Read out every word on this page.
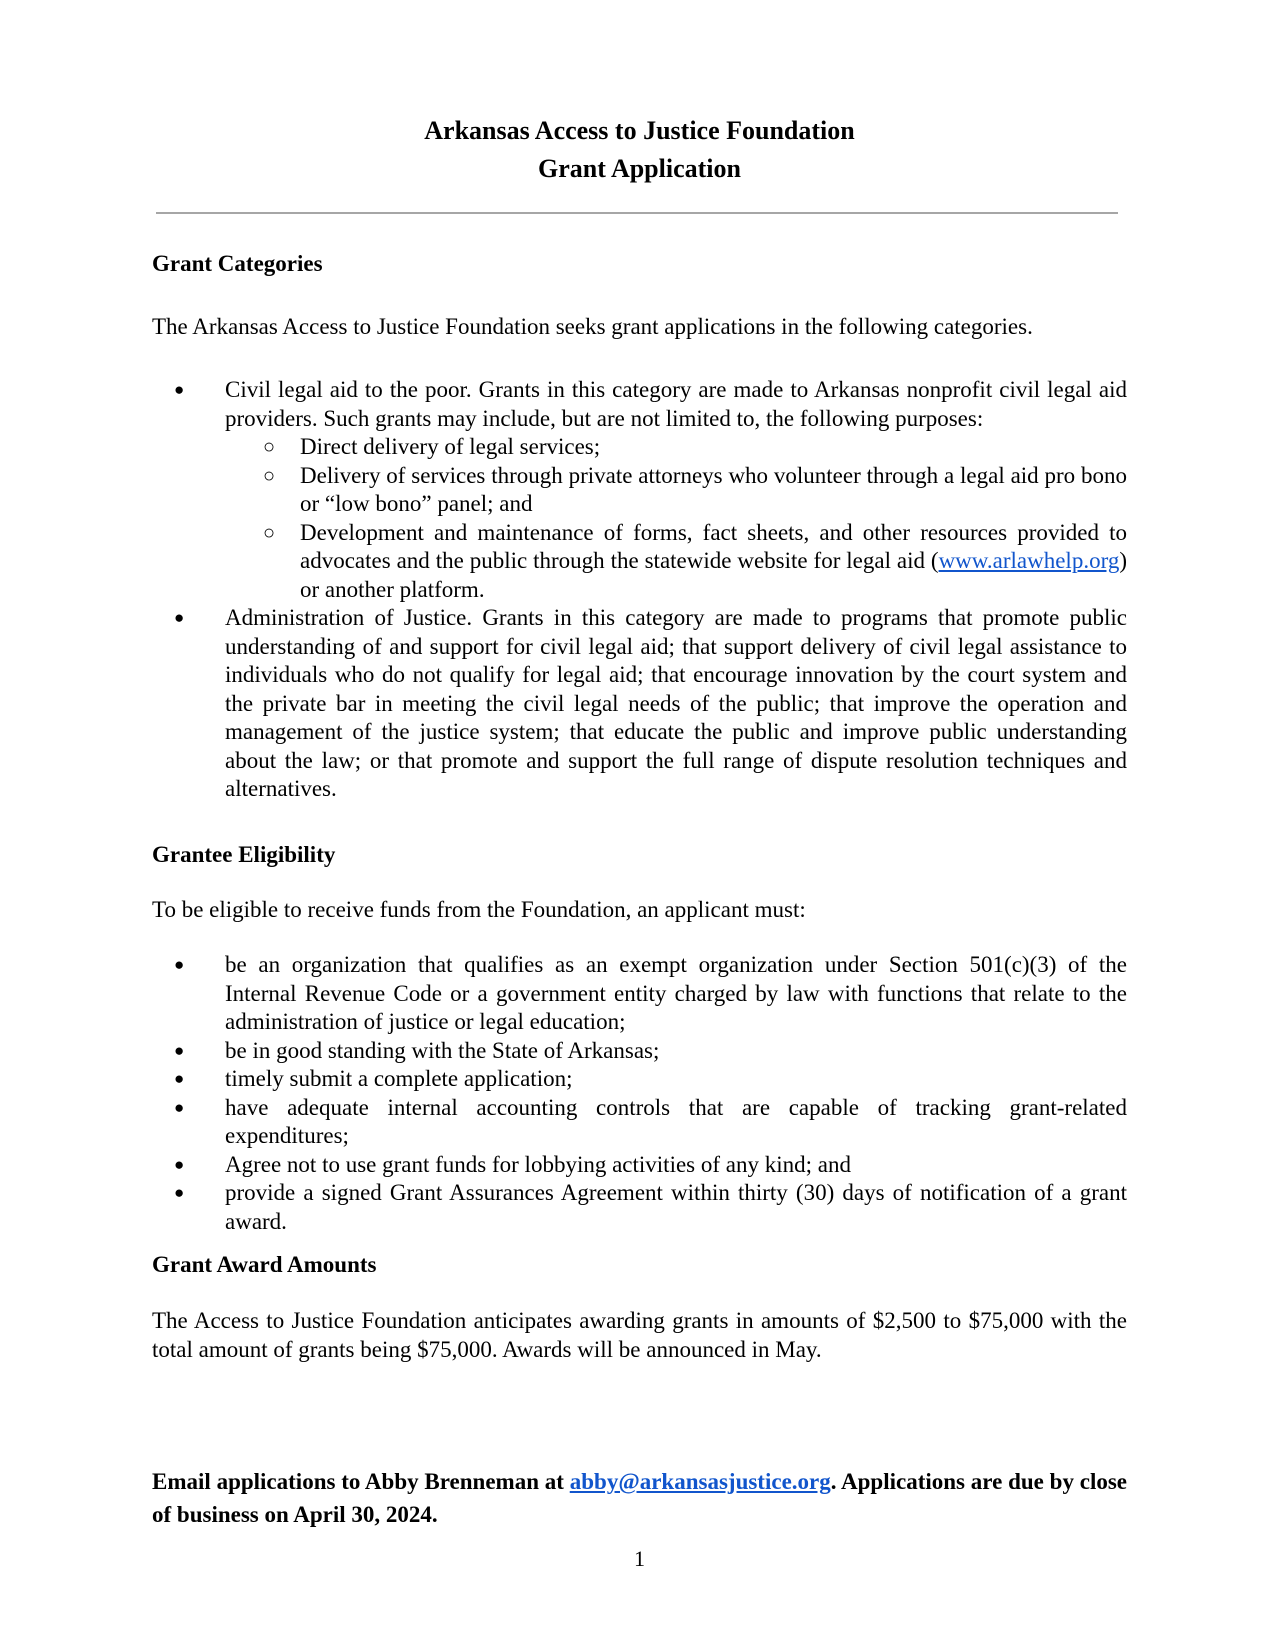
Arkansas Access to Justice Foundation
Grant Application
Grant Categories
The Arkansas Access to Justice Foundation seeks grant applications in the following categories.
● Civil legal aid to the poor. Grants in this category are made to Arkansas nonprofit civil legal aid providers. Such grants may include, but are not limited to, the following purposes:
○ Direct delivery of legal services;
○ Delivery of services through private attorneys who volunteer through a legal aid pro bono or “low bono” panel; and
○ Development and maintenance of forms, fact sheets, and other resources provided to advocates and the public through the statewide website for legal aid (www.arlawhelp.org) or another platform.
● Administration of Justice. Grants in this category are made to programs that promote public understanding of and support for civil legal aid; that support delivery of civil legal assistance to individuals who do not qualify for legal aid; that encourage innovation by the court system and the private bar in meeting the civil legal needs of the public; that improve the operation and management of the justice system; that educate the public and improve public understanding about the law; or that promote and support the full range of dispute resolution techniques and alternatives.
Grantee Eligibility
To be eligible to receive funds from the Foundation, an applicant must:
● be an organization that qualifies as an exempt organization under Section 501(c)(3) of the Internal Revenue Code or a government entity charged by law with functions that relate to the administration of justice or legal education;
● be in good standing with the State of Arkansas;
● timely submit a complete application;
● have adequate internal accounting controls that are capable of tracking grant-related expenditures;
● Agree not to use grant funds for lobbying activities of any kind; and
● provide a signed Grant Assurances Agreement within thirty (30) days of notification of a grant award.
Grant Award Amounts
The Access to Justice Foundation anticipates awarding grants in amounts of $2,500 to $75,000 with the total amount of grants being $75,000. Awards will be announced in May.
Email applications to Abby Brenneman at abby@arkansasjustice.org. Applications are due by close of business on April 30, 2024.
1
